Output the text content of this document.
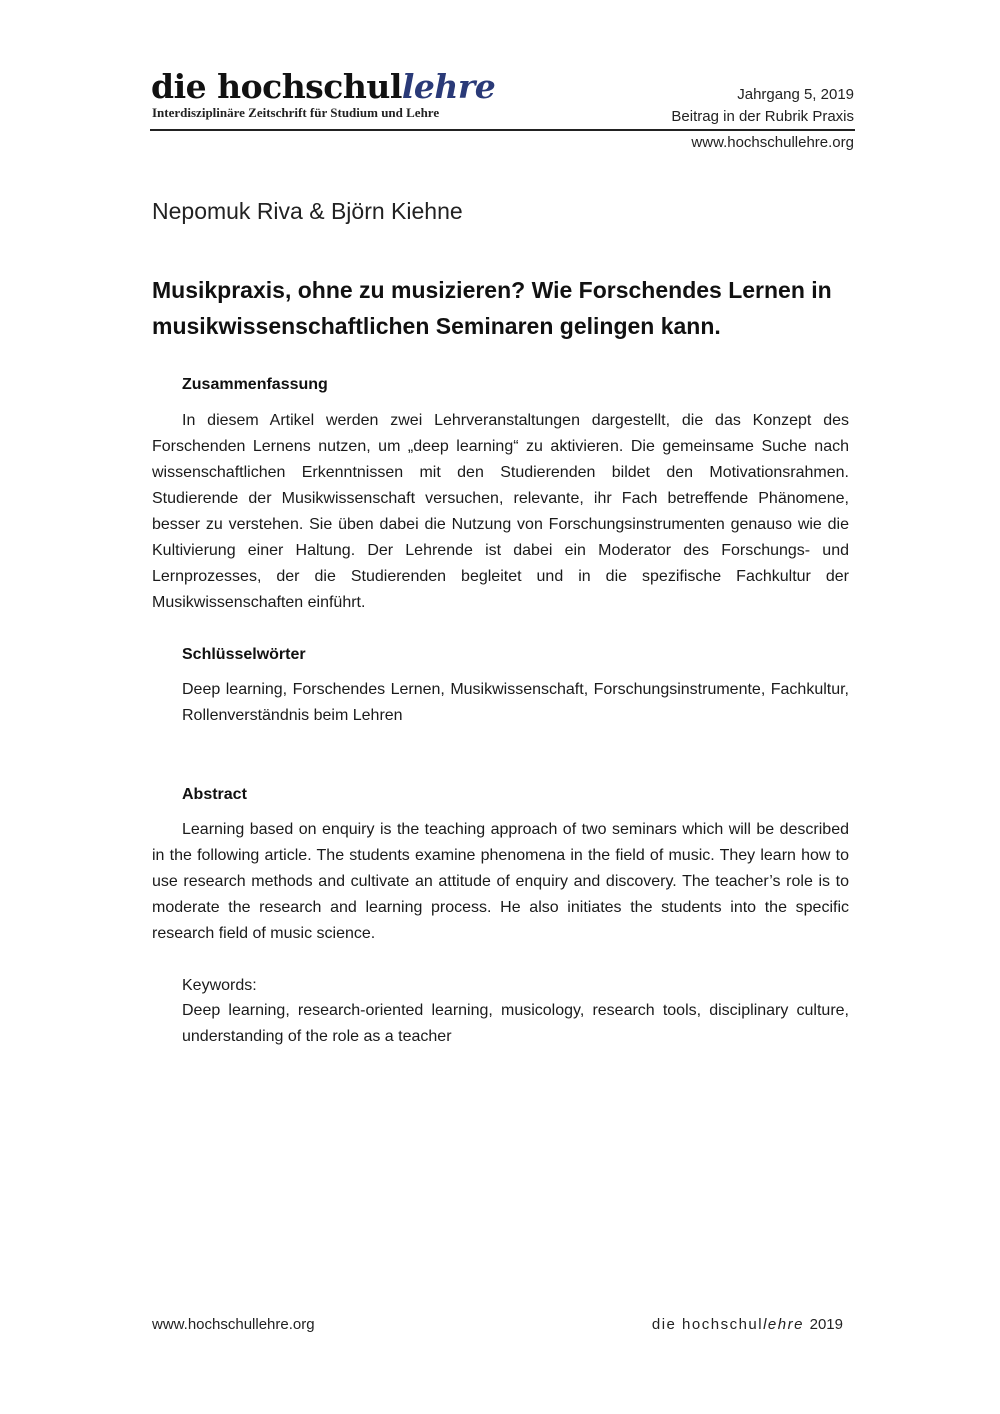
die hochschullehre
Interdisziplinäre Zeitschrift für Studium und Lehre
Jahrgang 5, 2019
Beitrag in der Rubrik Praxis
www.hochschullehre.org
Nepomuk Riva & Björn Kiehne
Musikpraxis, ohne zu musizieren? Wie Forschendes Lernen in musikwissenschaftlichen Seminaren gelingen kann.
Zusammenfassung
In diesem Artikel werden zwei Lehrveranstaltungen dargestellt, die das Konzept des Forschenden Lernens nutzen, um „deep learning“ zu aktivieren. Die gemeinsame Suche nach wissenschaftlichen Erkenntnissen mit den Studierenden bildet den Motivationsrahmen. Studierende der Musikwissenschaft versuchen, relevante, ihr Fach betreffende Phänomene, besser zu verstehen. Sie üben dabei die Nutzung von Forschungsinstrumenten genauso wie die Kultivierung einer Haltung. Der Lehrende ist dabei ein Moderator des Forschungs- und Lernprozesses, der die Studierenden begleitet und in die spezifische Fachkultur der Musikwissenschaften einführt.
Schlüsselwörter
Deep learning, Forschendes Lernen, Musikwissenschaft, Forschungsinstrumente, Fachkultur, Rollenverständnis beim Lehren
Abstract
Learning based on enquiry is the teaching approach of two seminars which will be described in the following article. The students examine phenomena in the field of music. They learn how to use research methods and cultivate an attitude of enquiry and discovery. The teacher’s role is to moderate the research and learning process. He also initiates the students into the specific research field of music science.
Keywords:
Deep learning, research-oriented learning, musicology, research tools, disciplinary culture, understanding of the role as a teacher
www.hochschullehre.org	die hochschullehre 2019
